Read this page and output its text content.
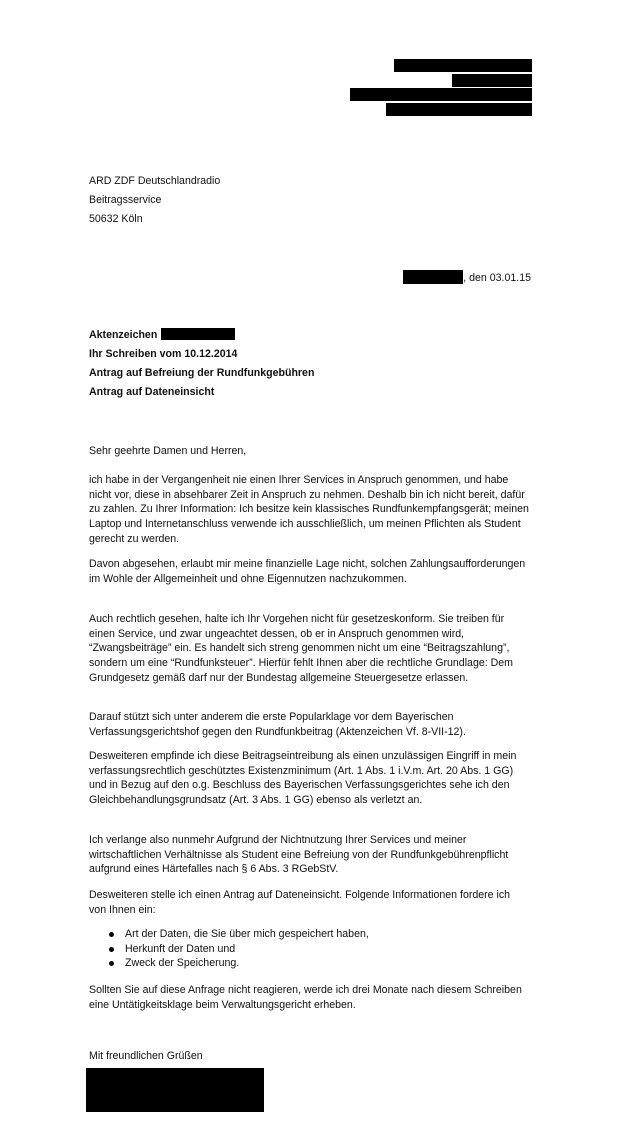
ARD ZDF Deutschlandradio
Beitragsservice
50632 Köln
, den 03.01.15
Aktenzeichen
Ihr Schreiben vom 10.12.2014
Antrag auf Befreiung der Rundfunkgebühren
Antrag auf Dateneinsicht
Sehr geehrte Damen und Herren,
ich habe in der Vergangenheit nie einen Ihrer Services in Anspruch genommen, und habe nicht vor, diese in absehbarer Zeit in Anspruch zu nehmen. Deshalb bin ich nicht bereit, dafür zu zahlen. Zu Ihrer Information: Ich besitze kein klassisches Rundfunkempfangsgerät; meinen Laptop und Internetanschluss verwende ich ausschließlich, um meinen Pflichten als Student gerecht zu werden.
Davon abgesehen, erlaubt mir meine finanzielle Lage nicht, solchen Zahlungsaufforderungen im Wohle der Allgemeinheit und ohne Eigennutzen nachzukommen.
Auch rechtlich gesehen, halte ich Ihr Vorgehen nicht für gesetzeskonform. Sie treiben für einen Service, und zwar ungeachtet dessen, ob er in Anspruch genommen wird, “Zwangsbeiträge” ein. Es handelt sich streng genommen nicht um eine “Beitragszahlung”, sondern um eine “Rundfunksteuer”. Hierfür fehlt Ihnen aber die rechtliche Grundlage: Dem Grundgesetz gemäß darf nur der Bundestag allgemeine Steuergesetze erlassen.
Darauf stützt sich unter anderem die erste Popularklage vor dem Bayerischen Verfassungsgerichtshof gegen den Rundfunkbeitrag (Aktenzeichen Vf. 8-VII-12).
Desweiteren empfinde ich diese Beitragseintreibung als einen unzulässigen Eingriff in mein verfassungsrechtlich geschütztes Existenzminimum (Art. 1 Abs. 1 i.V.m. Art. 20 Abs. 1 GG) und in Bezug auf den o.g. Beschluss des Bayerischen Verfassungsgerichtes sehe ich den Gleichbehandlungsgrundsatz (Art. 3 Abs. 1 GG) ebenso als verletzt an.
Ich verlange also nunmehr Aufgrund der Nichtnutzung Ihrer Services und meiner wirtschaftlichen Verhältnisse als Student eine Befreiung von der Rundfunkgebührenpflicht aufgrund eines Härtefalles nach § 6 Abs. 3 RGebStV.
Desweiteren stelle ich einen Antrag auf Dateneinsicht. Folgende Informationen fordere ich von Ihnen ein:
Art der Daten, die Sie über mich gespeichert haben,
Herkunft der Daten und
Zweck der Speicherung.
Sollten Sie auf diese Anfrage nicht reagieren, werde ich drei Monate nach diesem Schreiben eine Untätigkeitsklage beim Verwaltungsgericht erheben.
Mit freundlichen Grüßen
